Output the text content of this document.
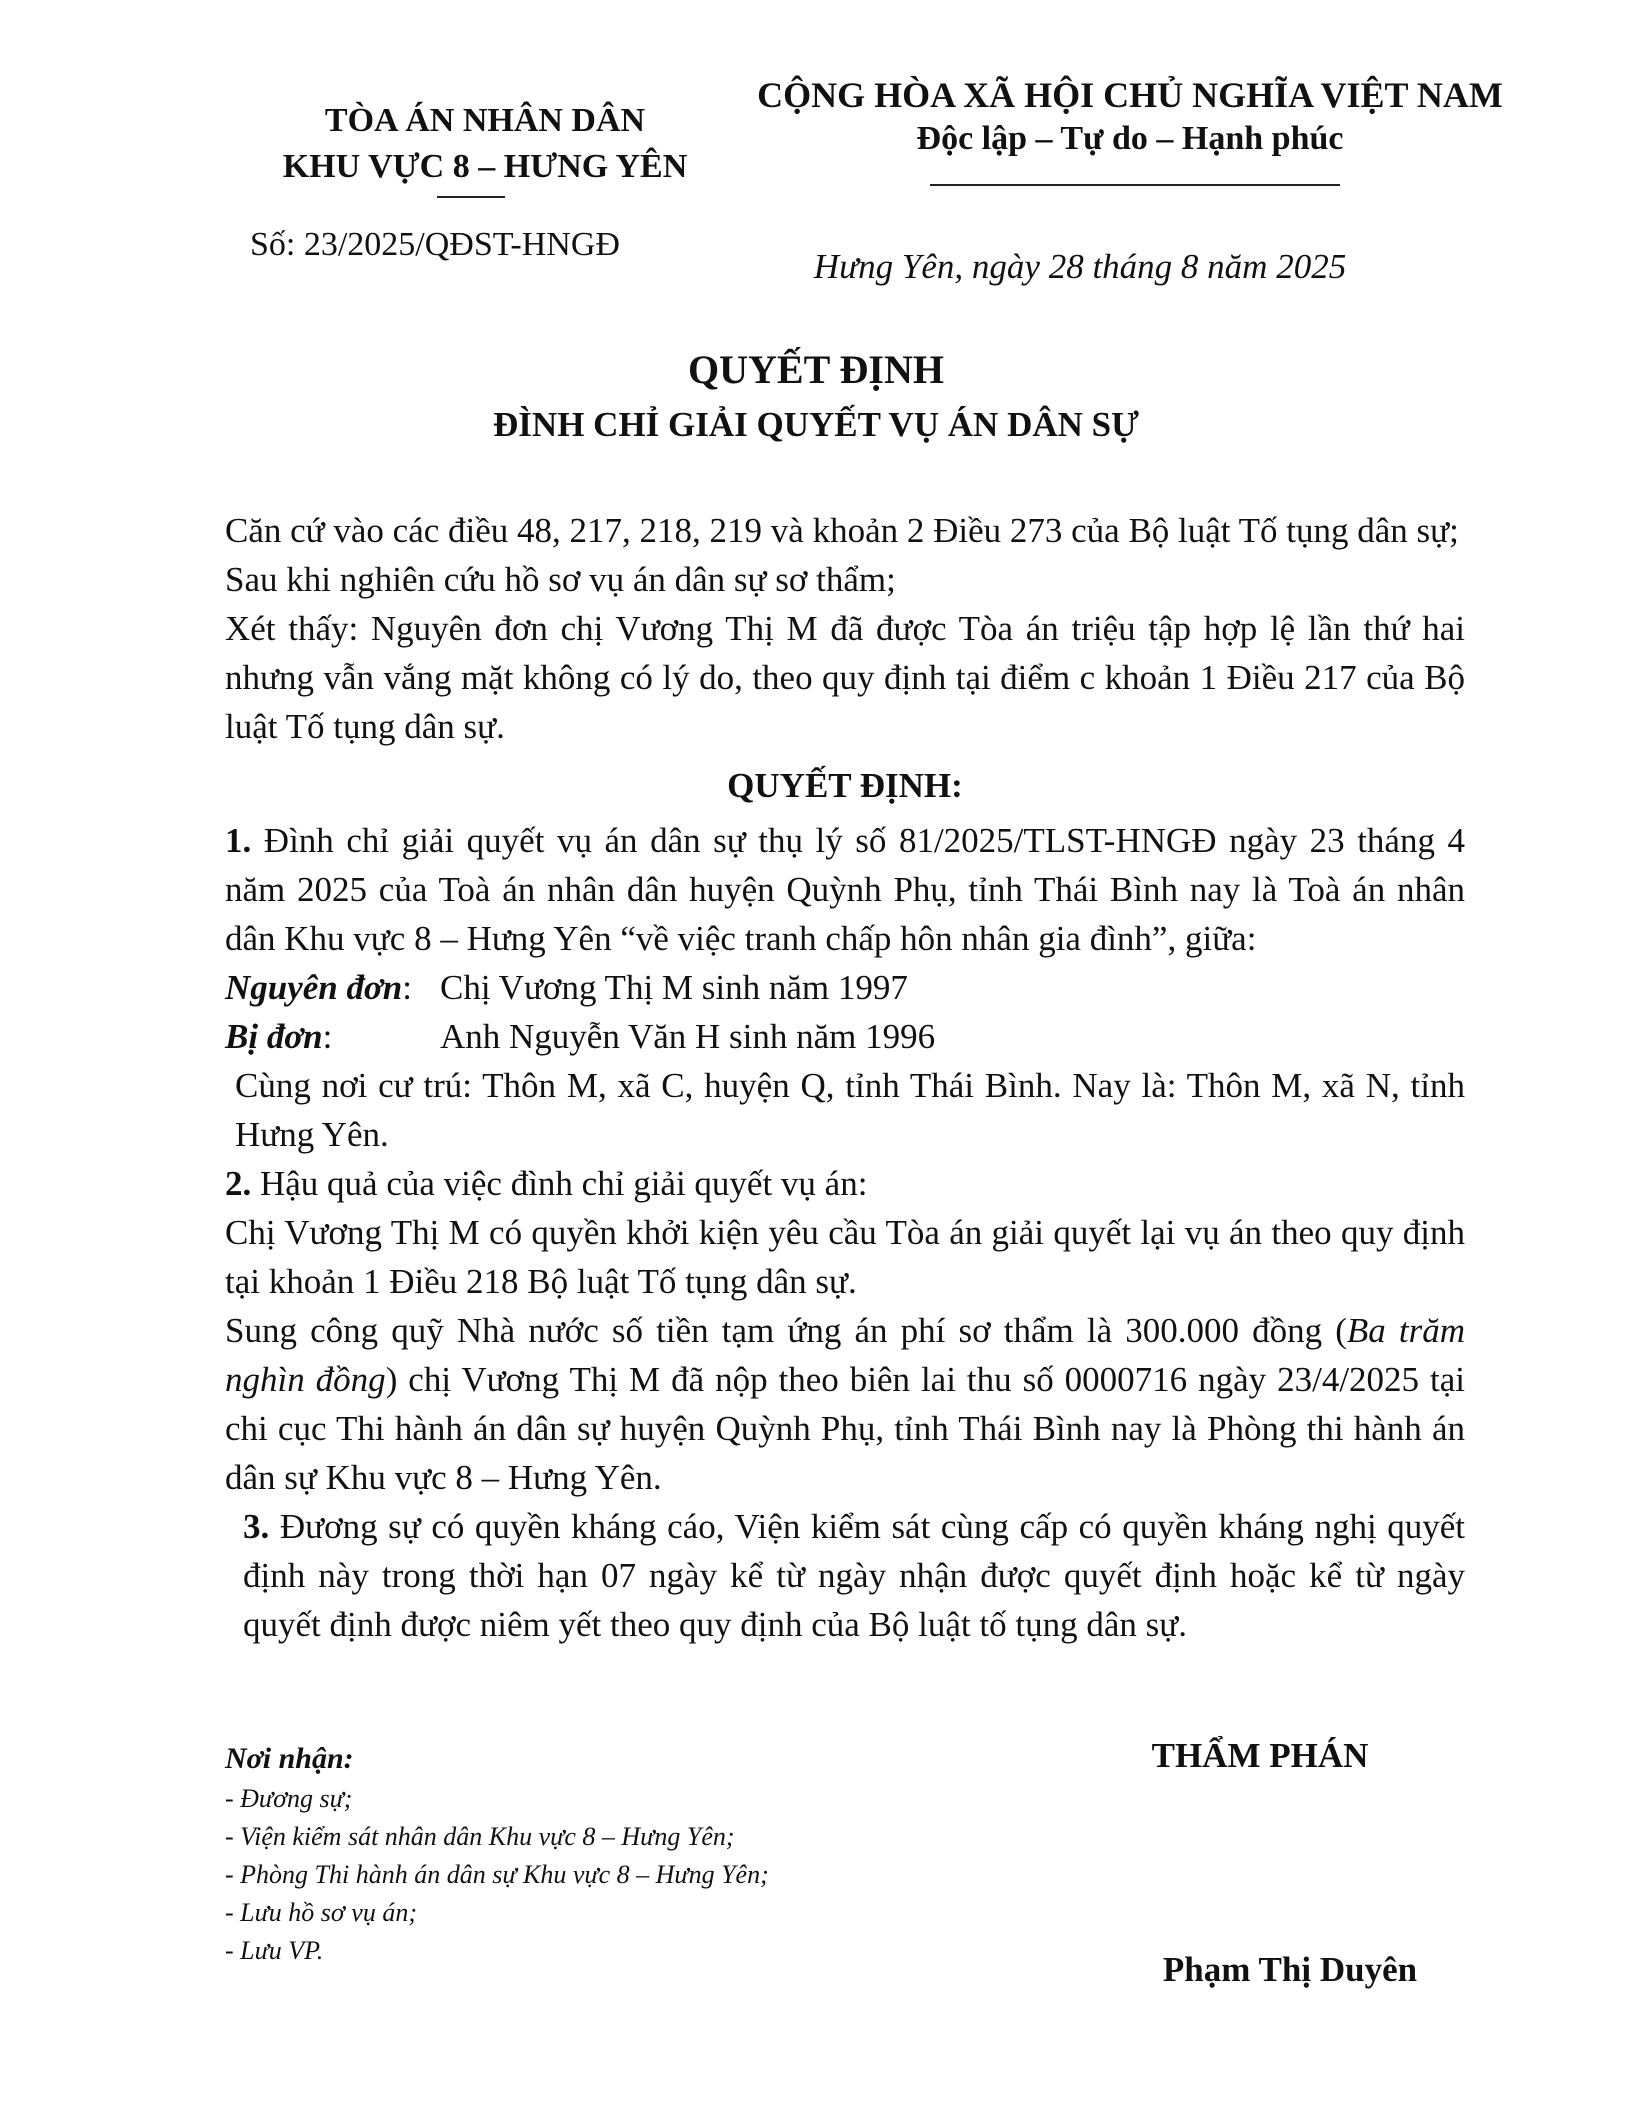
TÒA ÁN NHÂN DÂN
KHU VỰC 8 – HƯNG YÊN
Số: 23/2025/QĐST-HNGĐ
CỘNG HÒA XÃ HỘI CHỦ NGHĨA VIỆT NAM
Độc lập – Tự do – Hạnh phúc
Hưng Yên, ngày 28 tháng 8 năm 2025
QUYẾT ĐỊNH
ĐÌNH CHỈ GIẢI QUYẾT VỤ ÁN DÂN SỰ

Căn cứ vào các điều 48, 217, 218, 219 và khoản 2 Điều 273 của Bộ luật Tố tụng dân sự;

Sau khi nghiên cứu hồ sơ vụ án dân sự sơ thẩm;

Xét thấy: Nguyên đơn chị Vương Thị M đã được Tòa án triệu tập hợp lệ lần thứ hai nhưng vẫn vắng mặt không có lý do, theo quy định tại điểm c khoản 1 Điều 217 của Bộ luật Tố tụng dân sự.

QUYẾT ĐỊNH:

1. Đình chỉ giải quyết vụ án dân sự thụ lý số 81/2025/TLST-HNGĐ ngày 23 tháng 4 năm 2025 của Toà án nhân dân huyện Quỳnh Phụ, tỉnh Thái Bình nay là Toà án nhân dân Khu vực 8 – Hưng Yên “về việc tranh chấp hôn nhân gia đình”, giữa:

Nguyên đơn: Chị Vương Thị M sinh năm 1997
Bị đơn:	Anh Nguyễn Văn H sinh năm 1996

Cùng nơi cư trú: Thôn M, xã C, huyện Q, tỉnh Thái Bình. Nay là: Thôn M, xã N, tỉnh Hưng Yên.

2. Hậu quả của việc đình chỉ giải quyết vụ án:

Chị Vương Thị M có quyền khởi kiện yêu cầu Tòa án giải quyết lại vụ án theo quy định tại khoản 1 Điều 218 Bộ luật Tố tụng dân sự.

Sung công quỹ Nhà nước số tiền tạm ứng án phí sơ thẩm là 300.000 đồng (Ba trăm nghìn đồng) chị Vương Thị M đã nộp theo biên lai thu số 0000716 ngày 23/4/2025 tại chi cục Thi hành án dân sự huyện Quỳnh Phụ, tỉnh Thái Bình nay là Phòng thi hành án dân sự Khu vực 8 – Hưng Yên.

3. Đương sự có quyền kháng cáo, Viện kiểm sát cùng cấp có quyền kháng nghị quyết định này trong thời hạn 07 ngày kể từ ngày nhận được quyết định hoặc kể từ ngày quyết định được niêm yết theo quy định của Bộ luật tố tụng dân sự.

Nơi nhận:
- Đương sự;
- Viện kiểm sát nhân dân Khu vực 8 – Hưng Yên;
- Phòng Thi hành án dân sự Khu vực 8 – Hưng Yên;
- Lưu hồ sơ vụ án;
- Lưu VP.
THẨM PHÁN
Phạm Thị Duyên
